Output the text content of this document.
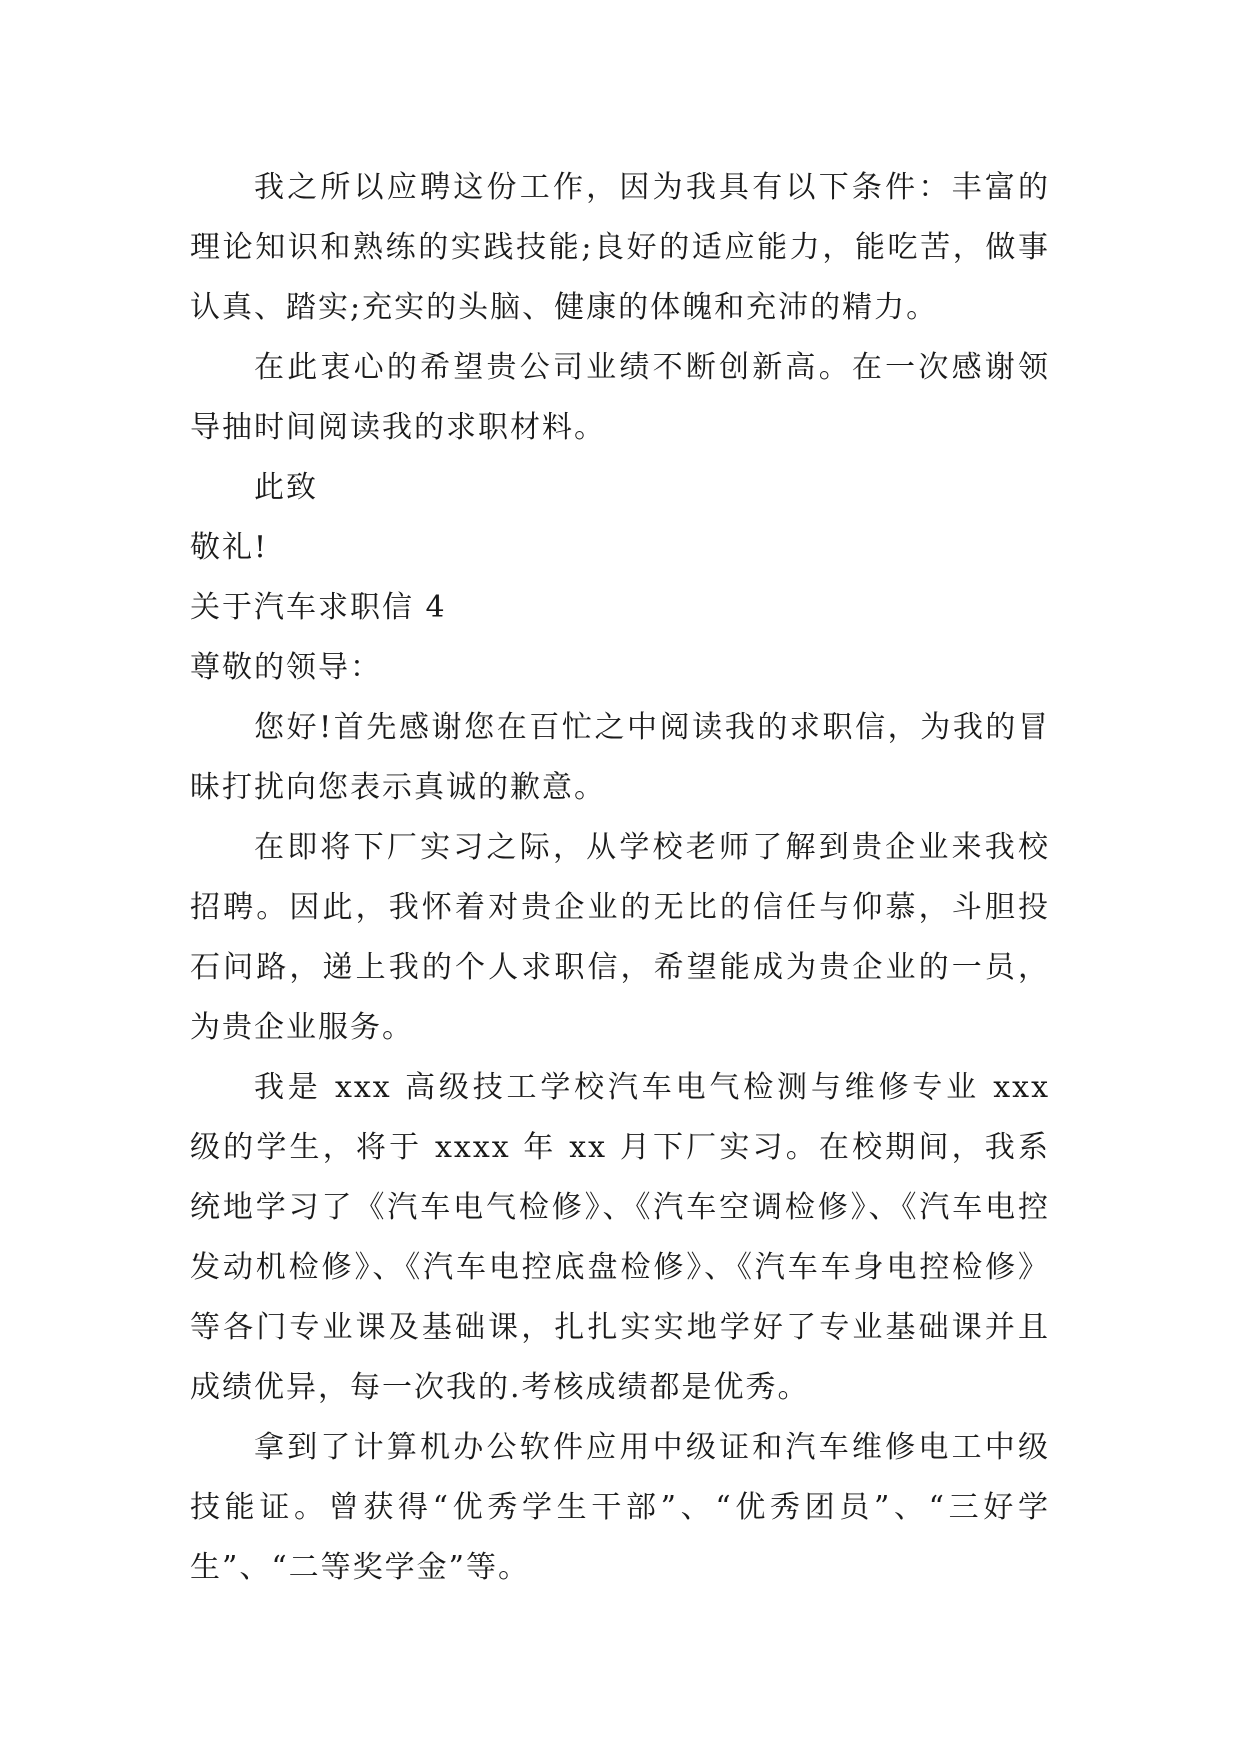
我之所以应聘这份工作，因为我具有以下条件：丰富的理论知识和熟练的实践技能;良好的适应能力，能吃苦，做事认真、踏实;充实的头脑、健康的体魄和充沛的精力。

在此衷心的希望贵公司业绩不断创新高。在一次感谢领导抽时间阅读我的求职材料。

此致

敬礼!

关于汽车求职信 4

尊敬的领导：

您好!首先感谢您在百忙之中阅读我的求职信，为我的冒昧打扰向您表示真诚的歉意。

在即将下厂实习之际，从学校老师了解到贵企业来我校招聘。因此，我怀着对贵企业的无比的信任与仰慕，斗胆投石问路，递上我的个人求职信，希望能成为贵企业的一员，为贵企业服务。

我是 xxx 高级技工学校汽车电气检测与维修专业 xxx 级的学生，将于 xxxx 年 xx 月下厂实习。在校期间，我系统地学习了《汽车电气检修》、《汽车空调检修》、《汽车电控发动机检修》、《汽车电控底盘检修》、《汽车车身电控检修》等各门专业课及基础课，扎扎实实地学好了专业基础课并且成绩优异，每一次我的.考核成绩都是优秀。

拿到了计算机办公软件应用中级证和汽车维修电工中级技能证。曾获得“优秀学生干部”、“优秀团员”、“三好学生”、“二等奖学金”等。
